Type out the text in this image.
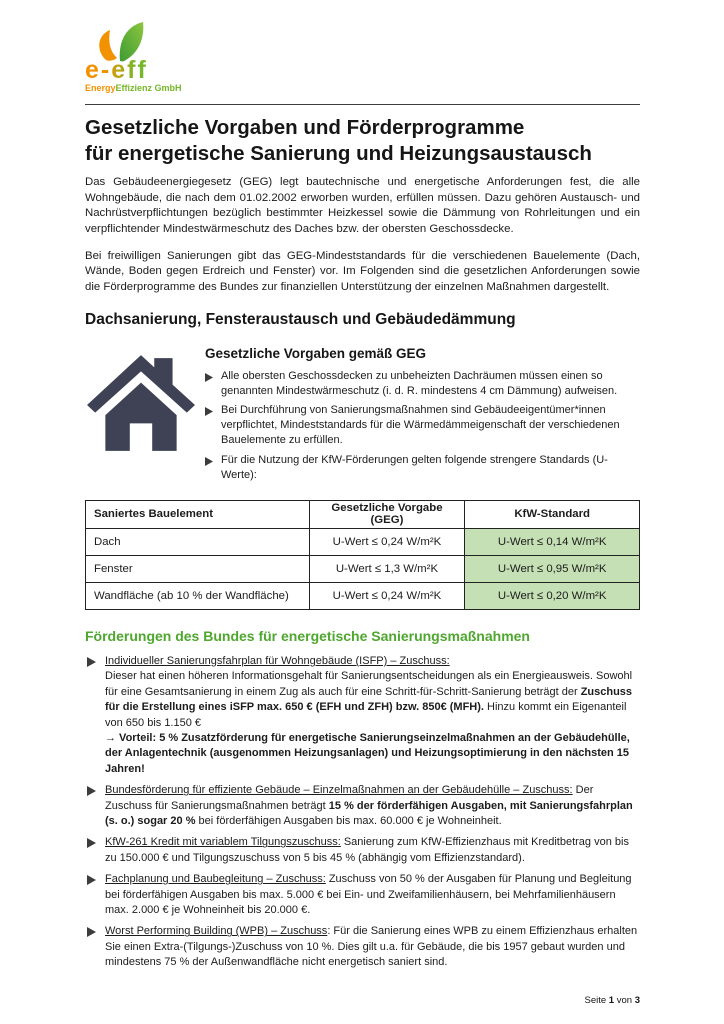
e-eff
EnergyEffizienz GmbH
Gesetzliche Vorgaben und Förderprogramme
für energetische Sanierung und Heizungsaustausch

Das Gebäudeenergiegesetz (GEG) legt bautechnische und energetische Anforderungen fest, die alle Wohngebäude, die nach dem 01.02.2002 erworben wurden, erfüllen müssen. Dazu gehören Austausch- und Nachrüstverpflichtungen bezüglich bestimmter Heizkessel sowie die Dämmung von Rohrleitungen und ein verpflichtender Mindestwärmeschutz des Daches bzw. der obersten Geschossdecke.

Bei freiwilligen Sanierungen gibt das GEG-Mindeststandards für die verschiedenen Bauelemente (Dach, Wände, Boden gegen Erdreich und Fenster) vor. Im Folgenden sind die gesetzlichen Anforderungen sowie die Förderprogramme des Bundes zur finanziellen Unterstützung der einzelnen Maßnahmen dargestellt.

Dachsanierung, Fensteraustausch und Gebäudedämmung
Gesetzliche Vorgaben gemäß GEG
Alle obersten Geschossdecken zu unbeheizten Dachräumen müssen einen so genannten Mindestwärmeschutz (i. d. R. mindestens 4 cm Dämmung) aufweisen.
Bei Durchführung von Sanierungsmaßnahmen sind Gebäudeeigentümer*innen verpflichtet, Mindeststandards für die Wärmedämmeigenschaft der verschiedenen Bauelemente zu erfüllen.
Für die Nutzung der KfW-Förderungen gelten folgende strengere Standards (U-Werte):
Saniertes Bauelement	Gesetzliche Vorgabe (GEG)	KfW-Standard
Dach	U-Wert ≤ 0,24 W/m²K	U-Wert ≤ 0,14 W/m²K
Fenster	U-Wert ≤ 1,3 W/m²K	U-Wert ≤ 0,95 W/m²K
Wandfläche (ab 10 % der Wandfläche)	U-Wert ≤ 0,24 W/m²K	U-Wert ≤ 0,20 W/m²K
Förderungen des Bundes für energetische Sanierungsmaßnahmen
Individueller Sanierungsfahrplan für Wohngebäude (ISFP) – Zuschuss:
Dieser hat einen höheren Informationsgehalt für Sanierungsentscheidungen als ein Energieausweis. Sowohl für eine Gesamtsanierung in einem Zug als auch für eine Schritt-für-Schritt-Sanierung beträgt der Zuschuss für die Erstellung eines iSFP max. 650 € (EFH und ZFH) bzw. 850€ (MFH). Hinzu kommt ein Eigenanteil von 650 bis 1.150 €
→ Vorteil: 5 % Zusatzförderung für energetische Sanierungseinzelmaßnahmen an der Gebäudehülle, der Anlagentechnik (ausgenommen Heizungsanlagen) und Heizungsoptimierung in den nächsten 15 Jahren!
Bundesförderung für effiziente Gebäude – Einzelmaßnahmen an der Gebäudehülle – Zuschuss: Der Zuschuss für Sanierungsmaßnahmen beträgt 15 % der förderfähigen Ausgaben, mit Sanierungsfahrplan (s. o.) sogar 20 % bei förderfähigen Ausgaben bis max. 60.000 € je Wohneinheit.
KfW-261 Kredit mit variablem Tilgungszuschuss: Sanierung zum KfW-Effizienzhaus mit Kreditbetrag von bis zu 150.000 € und Tilgungszuschuss von 5 bis 45 % (abhängig vom Effizienzstandard).
Fachplanung und Baubegleitung – Zuschuss: Zuschuss von 50 % der Ausgaben für Planung und Begleitung bei förderfähigen Ausgaben bis max. 5.000 € bei Ein- und Zweifamilienhäusern, bei Mehrfamilienhäusern max. 2.000 € je Wohneinheit bis 20.000 €.
Worst Performing Building (WPB) – Zuschuss: Für die Sanierung eines WPB zu einem Effizienzhaus erhalten Sie einen Extra-(Tilgungs-)Zuschuss von 10 %. Dies gilt u.a. für Gebäude, die bis 1957 gebaut wurden und mindestens 75 % der Außenwandfläche nicht energetisch saniert sind.
Seite 1 von 3
